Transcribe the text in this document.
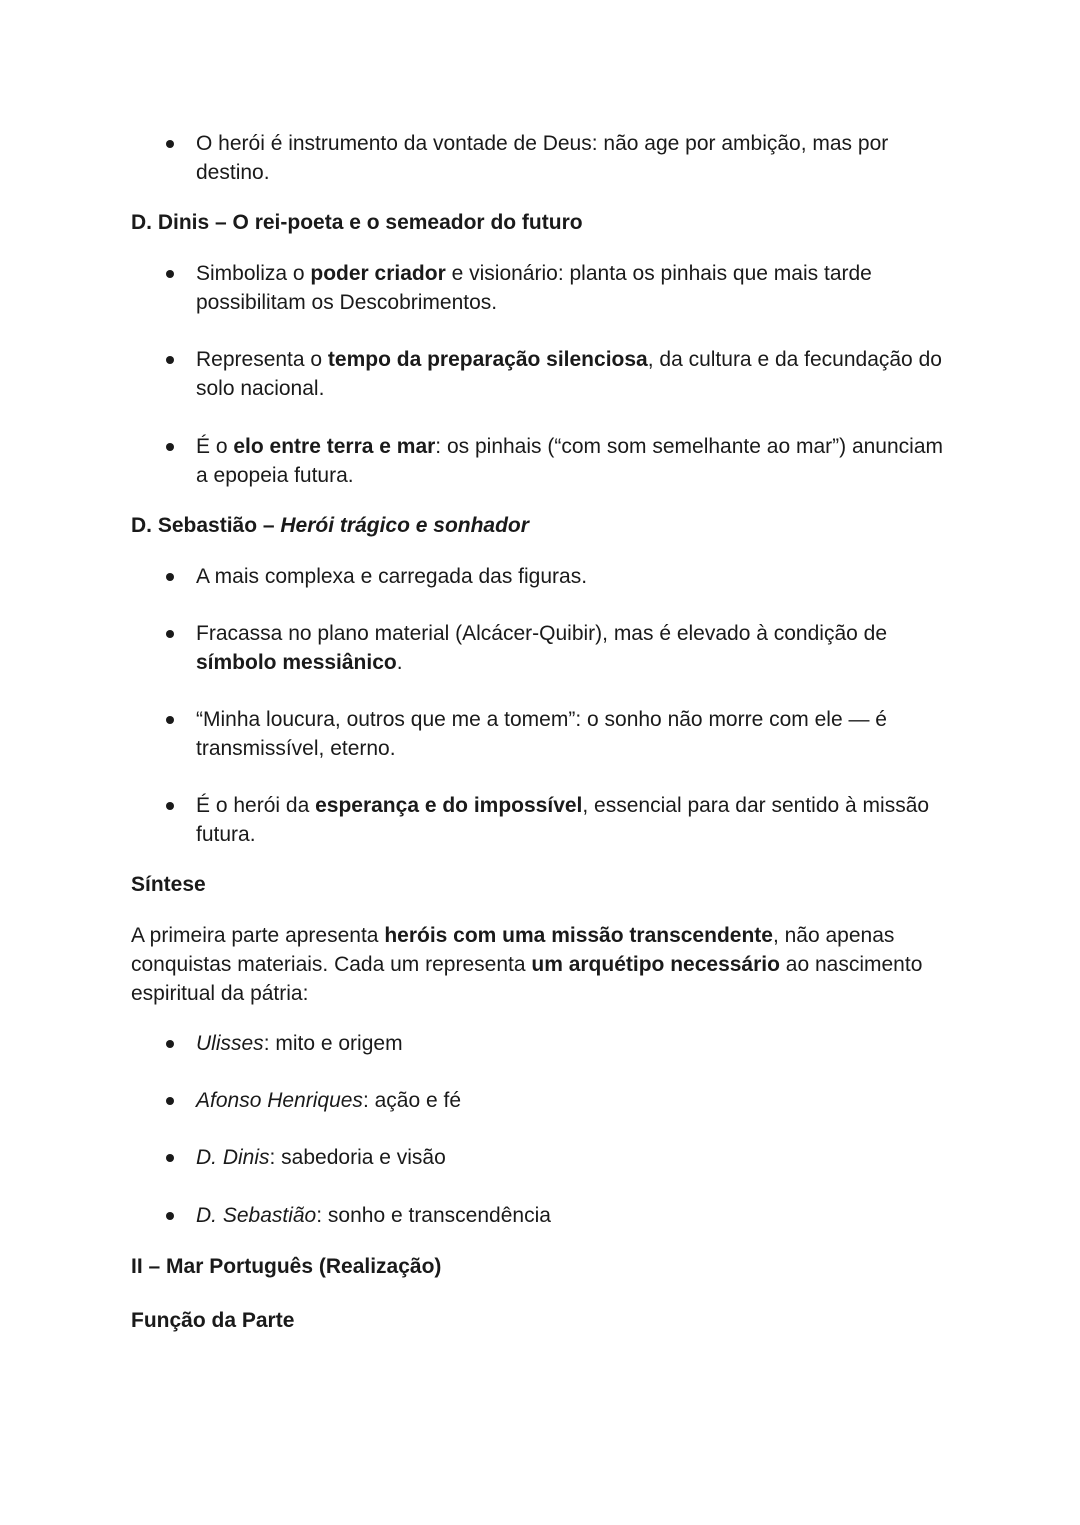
O herói é instrumento da vontade de Deus: não age por ambição, mas por destino.

D. Dinis – O rei-poeta e o semeador do futuro

Simboliza o poder criador e visionário: planta os pinhais que mais tarde possibilitam os Descobrimentos.

Representa o tempo da preparação silenciosa, da cultura e da fecundação do solo nacional.

É o elo entre terra e mar: os pinhais (“com som semelhante ao mar”) anunciam a epopeia futura.

D. Sebastião – Herói trágico e sonhador

A mais complexa e carregada das figuras.

Fracassa no plano material (Alcácer-Quibir), mas é elevado à condição de símbolo messiânico.

“Minha loucura, outros que me a tomem”: o sonho não morre com ele — é transmissível, eterno.

É o herói da esperança e do impossível, essencial para dar sentido à missão futura.

Síntese

A primeira parte apresenta heróis com uma missão transcendente, não apenas conquistas materiais. Cada um representa um arquétipo necessário ao nascimento espiritual da pátria:

Ulisses: mito e origem

Afonso Henriques: ação e fé

D. Dinis: sabedoria e visão

D. Sebastião: sonho e transcendência

II – Mar Português (Realização)

Função da Parte
